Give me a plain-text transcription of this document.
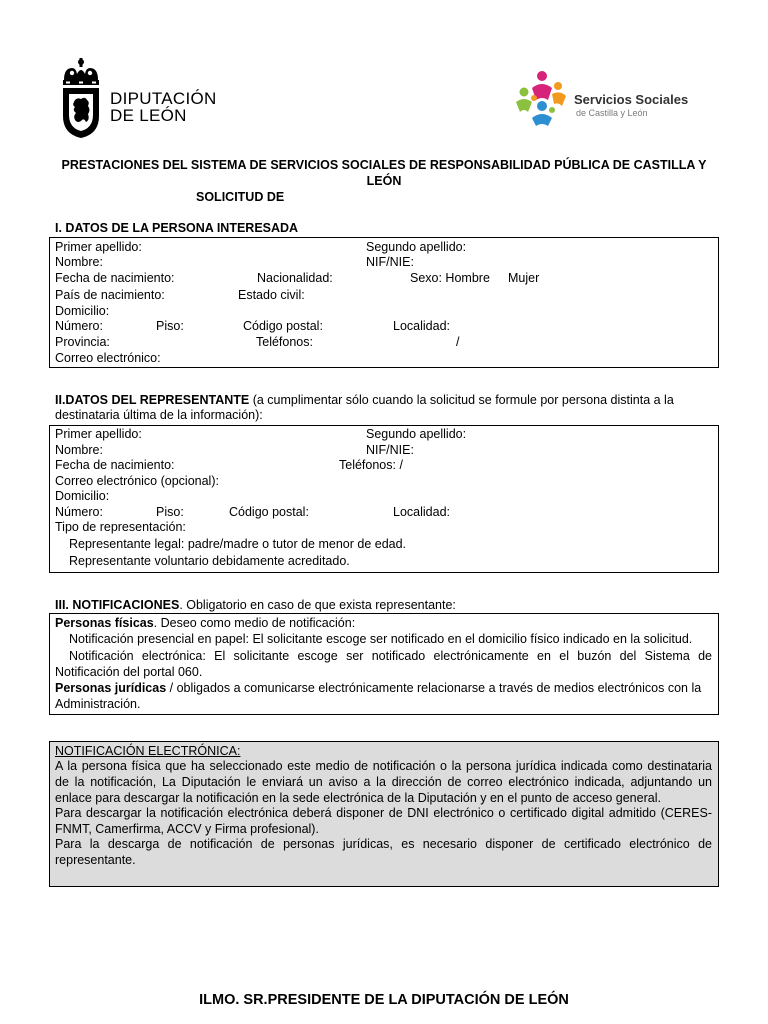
DIPUTACIÓN
DE LEÓN
Servicios Sociales
de Castilla y León
PRESTACIONES DEL SISTEMA DE SERVICIOS SOCIALES DE RESPONSABILIDAD PÚBLICA DE CASTILLA Y
LEÓN
SOLICITUD DE
I. DATOS DE LA PERSONA INTERESADA
Primer apellido:	Segundo apellido:
Nombre:	NIF/NIE:
Fecha de nacimiento:	Nacionalidad:	Sexo: Hombre Mujer
País de nacimiento:	Estado civil:
Domicilio:
Número:	Piso:	Código postal:	Localidad:
Provincia:	Teléfonos:	/
Correo electrónico:
II.DATOS DEL REPRESENTANTE (a cumplimentar sólo cuando la solicitud se formule por persona distinta a la
destinataria última de la información):
Primer apellido:	Segundo apellido:
Nombre:	NIF/NIE:
Fecha de nacimiento:	Teléfonos: /
Correo electrónico (opcional):
Domicilio:
Número:	Piso:	Código postal:	Localidad:
Tipo de representación:
Representante legal: padre/madre o tutor de menor de edad.
Representante voluntario debidamente acreditado.
III. NOTIFICACIONES. Obligatorio en caso de que exista representante:
Personas físicas. Deseo como medio de notificación:
Notificación presencial en papel: El solicitante escoge ser notificado en el domicilio físico indicado en la solicitud.
Notificación electrónica: El solicitante escoge ser notificado electrónicamente en el buzón del Sistema de
Notificación del portal 060.
Personas jurídicas / obligados a comunicarse electrónicamente relacionarse a través de medios electrónicos con la
Administración.
NOTIFICACIÓN ELECTRÓNICA:
A la persona física que ha seleccionado este medio de notificación o la persona jurídica indicada como destinataria
de la notificación, La Diputación le enviará un aviso a la dirección de correo electrónico indicada, adjuntando un
enlace para descargar la notificación en la sede electrónica de la Diputación y en el punto de acceso general.
Para descargar la notificación electrónica deberá disponer de DNI electrónico o certificado digital admitido (CERES-
FNMT, Camerfirma, ACCV y Firma profesional).
Para la descarga de notificación de personas jurídicas, es necesario disponer de certificado electrónico de
representante.
ILMO. SR.PRESIDENTE DE LA DIPUTACIÓN DE LEÓN
